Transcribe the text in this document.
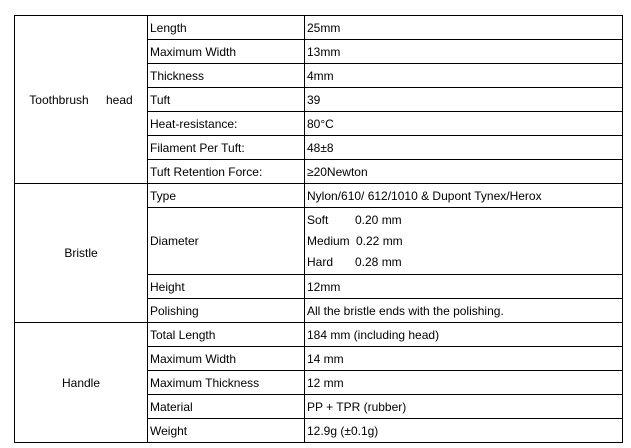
Toothbrush head	Length	25mm
	Maximum Width	13mm
	Thickness	4mm
	Tuft	39
	Heat-resistance:	80°C
	Filament Per Tuft:	48±8
	Tuft Retention Force:	≥20Newton
Bristle	Type	Nylon/610/ 612/1010 & Dupont Tynex/Herox
	Diameter	Soft 0.20 mm
Medium 0.22 mm
Hard 0.28 mm

	Height	12mm
	Polishing	All the bristle ends with the polishing.
Handle	Total Length	184 mm (including head)
	Maximum Width	14 mm
	Maximum Thickness	12 mm
	Material	PP + TPR (rubber)
	Weight	12.9g (±0.1g)
